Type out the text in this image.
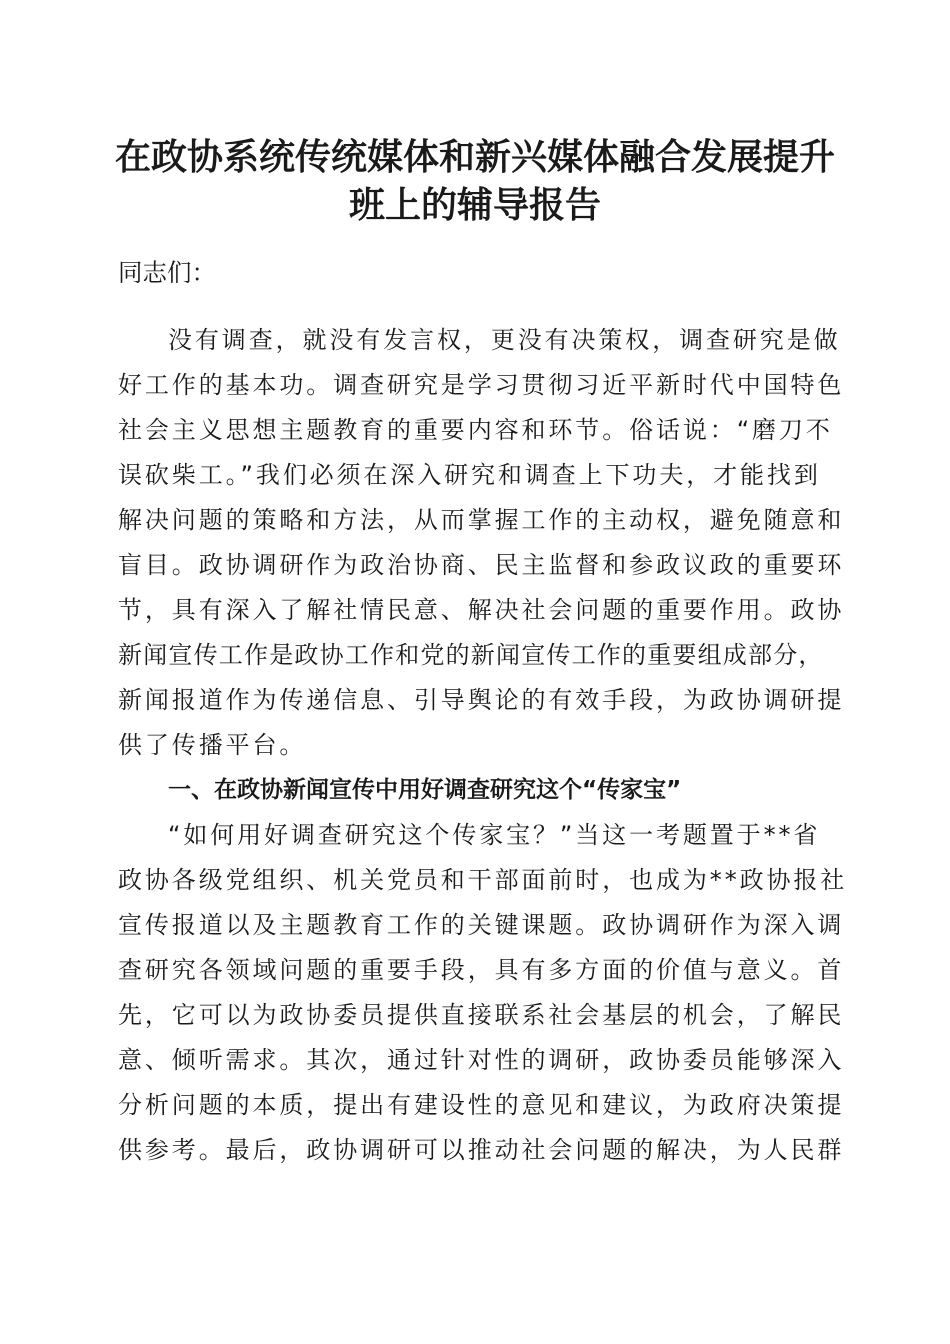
在政协系统传统媒体和新兴媒体融合发展提升
班上的辅导报告

同志们：

没有调查，就没有发言权，更没有决策权，调查研究是做

好工作的基本功。调查研究是学习贯彻习近平新时代中国特色

社会主义思想主题教育的重要内容和环节。俗话说：“磨刀不

误砍柴工。”我们必须在深入研究和调查上下功夫，才能找到

解决问题的策略和方法，从而掌握工作的主动权，避免随意和

盲目。政协调研作为政治协商、民主监督和参政议政的重要环

节，具有深入了解社情民意、解决社会问题的重要作用。政协

新闻宣传工作是政协工作和党的新闻宣传工作的重要组成部分，

新闻报道作为传递信息、引导舆论的有效手段，为政协调研提

供了传播平台。

一、在政协新闻宣传中用好调查研究这个“传家宝”

“如何用好调查研究这个传家宝？”当这一考题置于**省

政协各级党组织、机关党员和干部面前时，也成为**政协报社

宣传报道以及主题教育工作的关键课题。政协调研作为深入调

查研究各领域问题的重要手段，具有多方面的价值与意义。首

先，它可以为政协委员提供直接联系社会基层的机会，了解民

意、倾听需求。其次，通过针对性的调研，政协委员能够深入

分析问题的本质，提出有建设性的意见和建议，为政府决策提

供参考。最后，政协调研可以推动社会问题的解决，为人民群
